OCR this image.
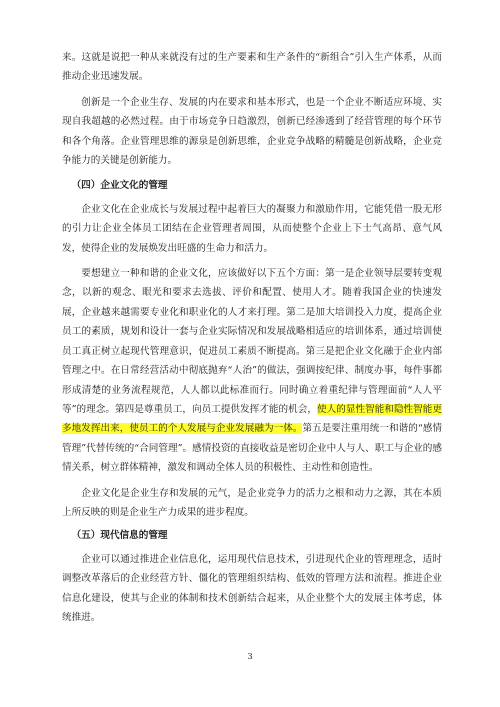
来。这就是说把一种从来就没有过的生产要素和生产条件的“新组合”引入生产体系，从而推动企业迅速发展。

创新是一个企业生存、发展的内在要求和基本形式，也是一个企业不断适应环境、实现自我超越的必然过程。由于市场竞争日趋激烈，创新已经渗透到了经营管理的每个环节和各个角落。企业管理思维的源泉是创新思维，企业竞争战略的精髓是创新战略，企业竞争能力的关键是创新能力。

（四）企业文化的管理

企业文化在企业成长与发展过程中起着巨大的凝聚力和激励作用，它能凭借一股无形的引力让企业全体员工团结在企业管理者周围，从而使整个企业上下士气高昂、意气风发，使得企业的发展焕发出旺盛的生命力和活力。

要想建立一种和谐的企业文化，应该做好以下五个方面：第一是企业领导层要转变观念，以新的观念、眼光和要求去选拔、评价和配置、使用人才。随着我国企业的快速发展，企业越来越需要专业化和职业化的人才来打理。第二是加大培训投入力度，提高企业员工的素质，规划和设计一套与企业实际情况和发展战略相适应的培训体系，通过培训使员工真正树立起现代管理意识，促进员工素质不断提高。第三是把企业文化融于企业内部管理之中。在日常经营活动中彻底抛弃“人治”的做法，强调按纪律、制度办事，每件事都形成清楚的业务流程规范，人人都以此标准而行。同时确立着重纪律与管理面前“人人平等”的理念。第四是尊重员工，向员工提供发挥才能的机会，使人的显性智能和隐性智能更多地发挥出来，使员工的个人发展与企业发展融为一体。第五是要注重用统一和谐的“感情管理”代替传统的“合同管理”。感情投资的直接收益是密切企业中人与人、职工与企业的感情关系，树立群体精神，激发和调动全体人员的积极性、主动性和创造性。

企业文化是企业生存和发展的元气，是企业竞争力的活力之根和动力之源，其在本质上所反映的则是企业生产力成果的进步程度。

（五）现代信息的管理

企业可以通过推进企业信息化，运用现代信息技术，引进现代企业的管理理念，适时调整改革落后的企业经营方针、僵化的管理组织结构、低效的管理方法和流程。推进企业信息化建设，使其与企业的体制和技术创新结合起来，从企业整个大的发展主体考虑，体统推进。

3
